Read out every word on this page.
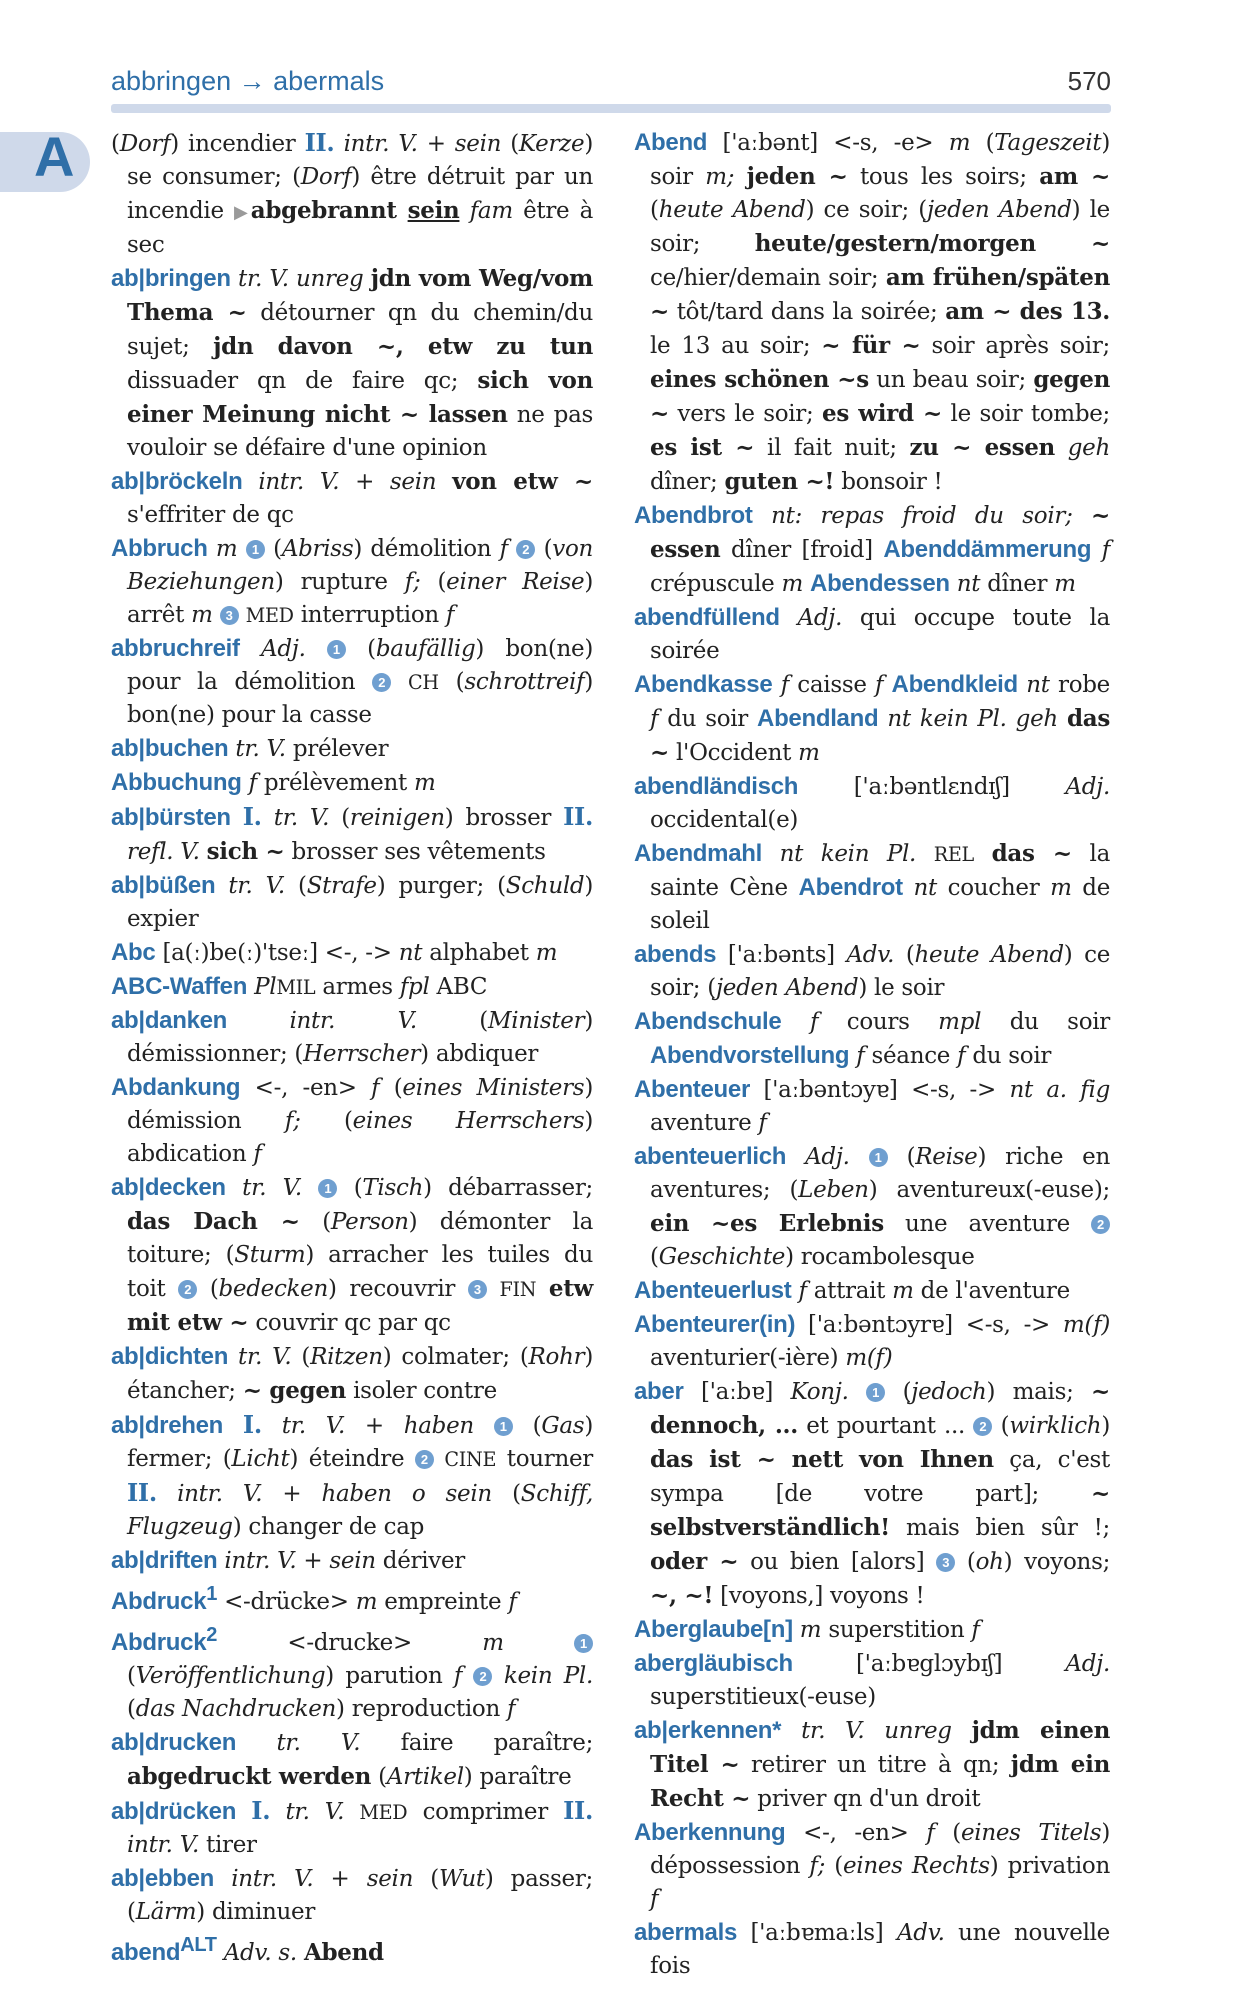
abbringen → abermals	570
A (Dorf) incendier II. intr. V. + sein (Kerze) se consumer; (Dorf) être détruit par un incendie ▶abgebrannt sein fam être à sec

ab|bringen tr. V. unreg jdn vom Weg/vom Thema ~ détourner qn du chemin/du sujet; jdn davon ~, etw zu tun dissuader qn de faire qc; sich von einer Meinung nicht ~ lassen ne pas vouloir se défaire d'une opinion

ab|bröckeln intr. V. + sein von etw ~ s'effriter de qc

Abbruch m 1 (Abriss) démolition f 2 (von Beziehungen) rupture f; (einer Reise) arrêt m 3 MED interruption f

abbruchreif Adj. 1 (baufällig) bon(ne) pour la démolition 2 CH (schrottreif) bon(ne) pour la casse

ab|buchen tr. V. prélever

Abbuchung f prélèvement m

ab|bürsten I. tr. V. (reinigen) brosser II. refl. V. sich ~ brosser ses vêtements

ab|büßen tr. V. (Strafe) purger; (Schuld) expier

Abc [a(ː)be(ː)'tseː] <-, -> nt alphabet m

ABC-Waffen PlMIL armes fpl ABC

ab|danken	intr. V. (Minister) démissionner; (Herrscher) abdiquer

Abdankung <-, -en> f (eines Ministers) démission f; (eines Herrschers) abdication f

ab|decken tr. V. 1 (Tisch) débarrasser; das Dach ~ (Person) démonter la toiture; (Sturm) arracher les tuiles du toit 2 (bedecken) recouvrir 3 FIN etw mit etw ~ couvrir qc par qc

ab|dichten tr. V. (Ritzen) colmater; (Rohr) étancher; ~ gegen isoler contre

ab|drehen I. tr. V. + haben 1 (Gas) fermer; (Licht) éteindre 2 CINE tourner II. intr. V. + haben o sein (Schiff, Flugzeug) changer de cap

ab|driften intr. V. + sein dériver

Abdruck$^1$ <-drücke> m empreinte f

Abdruck$^2$ <-drucke> m	1 (Veröffentlichung) parution f 2 kein Pl. (das Nachdrucken) reproduction f

ab|drucken tr. V. faire paraître; abgedruckt werden (Artikel) paraître

ab|drücken I. tr. V. MED comprimer II. intr. V. tirer

ab|ebben intr. V. + sein (Wut) passer; (Lärm) diminuer

abend$^{ALT}$ Adv. s. Abend

Abend ['aːbənt] <-s, -e> m (Tageszeit) soir m; jeden ~ tous les soirs; am ~ (heute Abend) ce soir; (jeden Abend) le soir; heute/gestern/morgen ~ ce/hier/demain soir; am frühen/späten ~ tôt/tard dans la soirée; am ~ des 13. le 13 au soir; ~ für ~ soir après soir; eines schönen ~s un beau soir; gegen ~ vers le soir; es wird ~ le soir tombe; es ist ~ il fait nuit; zu ~ essen geh dîner; guten ~! bonsoir !

Abendbrot nt: repas froid du soir; ~ essen dîner [froid] Abenddämmerung f crépuscule m Abendessen nt dîner m

abendfüllend Adj. qui occupe toute la soirée

Abendkasse f caisse f Abendkleid nt robe f du soir Abendland nt kein Pl. geh das ~ l'Occident m

abendländisch ['aːbəntlɛndɪʃ] Adj. occidental(e)

Abendmahl nt kein Pl. REL das ~ la sainte Cène Abendrot nt coucher m de soleil

abends ['aːbənts] Adv. (heute Abend) ce soir; (jeden Abend) le soir

Abendschule f cours mpl du soir Abendvorstellung f séance f du soir

Abenteuer ['aːbəntɔyɐ] <-s, -> nt a. fig aventure f

abenteuerlich Adj. 1 (Reise) riche en aventures; (Leben) aventureux(-euse); ein ~es Erlebnis une aventure 2 (Geschichte) rocambolesque

Abenteuerlust f attrait m de l'aventure

Abenteurer(in) ['aːbəntɔyrɐ] <-s, -> m(f) aventurier(-ière) m(f)

aber ['aːbɐ] Konj. 1 (jedoch) mais; ~ dennoch, ... et pourtant ... 2 (wirklich) das ist ~ nett von Ihnen ça, c'est sympa [de votre part]; ~ selbstverständlich! mais bien sûr !; oder ~ ou bien [alors] 3 (oh) voyons; ~, ~! [voyons,] voyons !

Aberglaube[n] m superstition f

abergläubisch ['aːbɐglɔybɪʃ] Adj. superstitieux(-euse)

ab|erkennen* tr. V. unreg jdm einen Titel ~ retirer un titre à qn; jdm ein Recht ~ priver qn d'un droit

Aberkennung <-, -en> f (eines Titels) dépossession f; (eines Rechts) privation f

abermals ['aːbɐmaːls] Adv. une nouvelle fois
